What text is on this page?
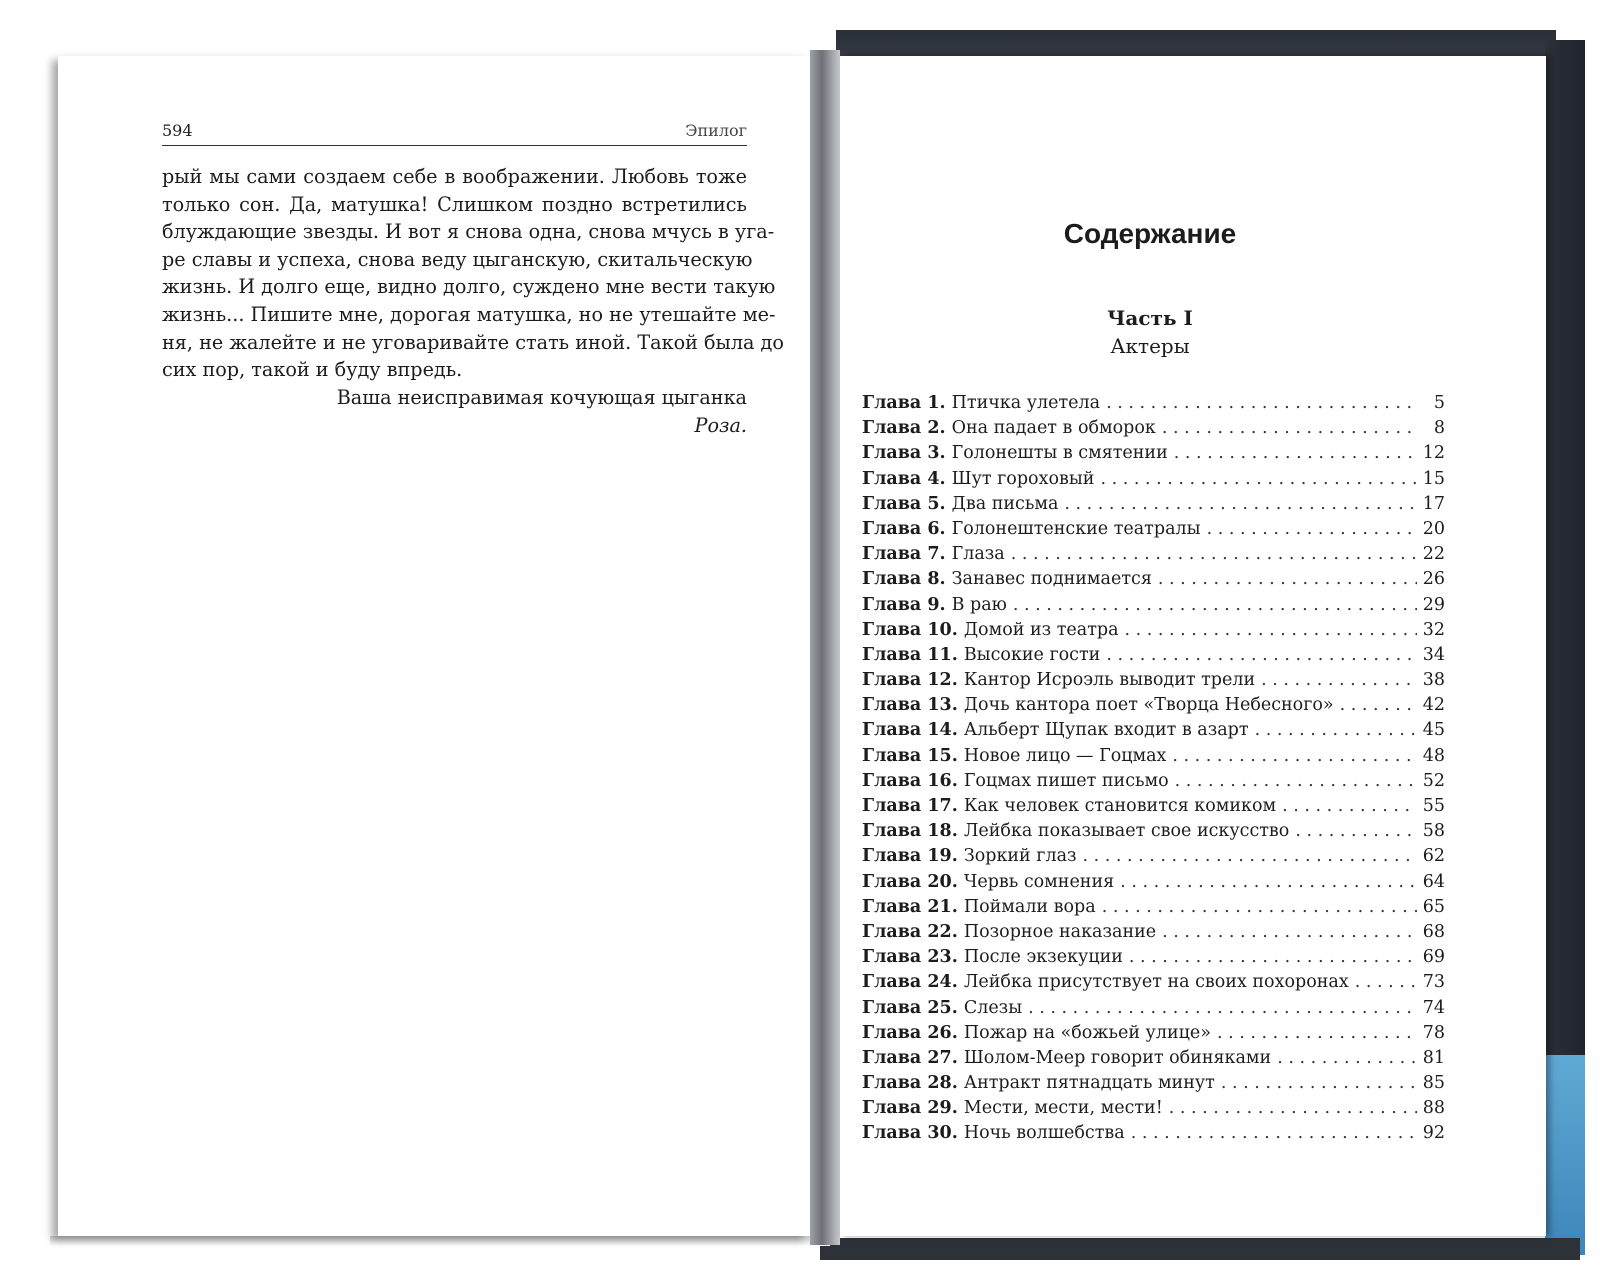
594	Эпилог
рый мы сами создаем себе в воображении. Любовь тоже
только сон. Да, матушка! Слишком поздно встретились
блуждающие звезды. И вот я снова одна, снова мчусь в уга-
ре славы и успеха, снова веду цыганскую, скитальческую
жизнь. И долго еще, видно долго, суждено мне вести такую
жизнь... Пишите мне, дорогая матушка, но не утешайте ме-
ня, не жалейте и не уговаривайте стать иной. Такой была до
сих пор, такой и буду впредь.
Ваша неисправимая кочующая цыганка
Роза.
Содержание
Часть I
Актеры
Глава 1. Птичка улетела . . .	5
Глава 2. Она падает в обморок . . .	8
Глава 3. Голонешты в смятении . . .	12
Глава 4. Шут гороховый . . .	15
Глава 5. Два письма . . .	17
Глава 6. Голонештенские театралы . . .	20
Глава 7. Глаза . . .	22
Глава 8. Занавес поднимается . . .	26
Глава 9. В раю . . .	29
Глава 10. Домой из театра . . .	32
Глава 11. Высокие гости . . .	34
Глава 12. Кантор Исроэль выводит трели . . .	38
Глава 13. Дочь кантора поет «Творца Небесного» . . .	42
Глава 14. Альберт Щупак входит в азарт . . .	45
Глава 15. Новое лицо — Гоцмах . . .	48
Глава 16. Гоцмах пишет письмо . . .	52
Глава 17. Как человек становится комиком . . .	55
Глава 18. Лейбка показывает свое искусство . . .	58
Глава 19. Зоркий глаз . . .	62
Глава 20. Червь сомнения . . .	64
Глава 21. Поймали вора . . .	65
Глава 22. Позорное наказание . . .	68
Глава 23. После экзекуции . . .	69
Глава 24. Лейбка присутствует на своих похоронах . . .	73
Глава 25. Слезы . . .	74
Глава 26. Пожар на «божьей улице» . . .	78
Глава 27. Шолом-Меер говорит обиняками . . .	81
Глава 28. Антракт пятнадцать минут . . .	85
Глава 29. Мести, мести, мести! . . .	88
Глава 30. Ночь волшебства . . .	92
